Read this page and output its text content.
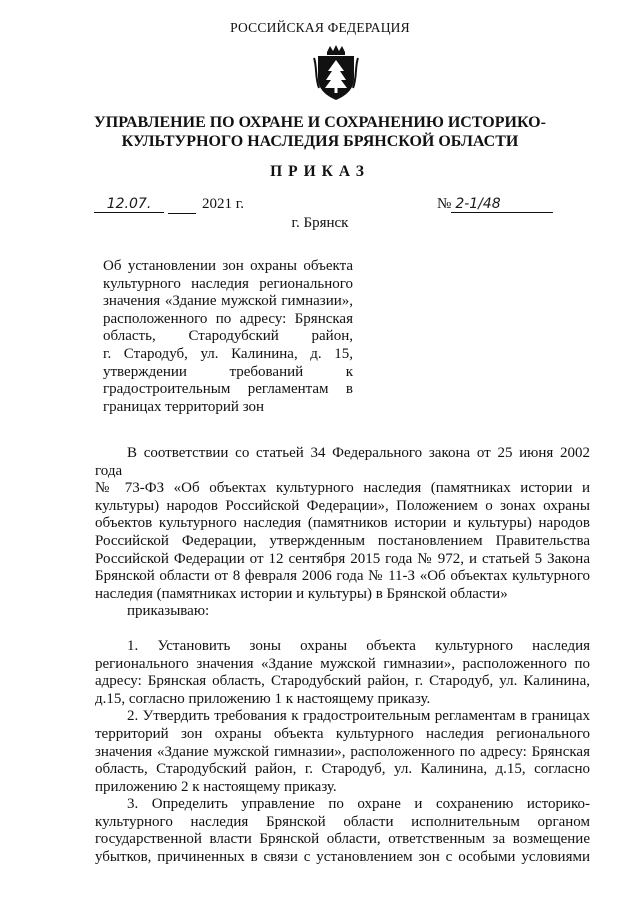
РОССИЙСКАЯ ФЕДЕРАЦИЯ
УПРАВЛЕНИЕ ПО ОХРАНЕ И СОХРАНЕНИЮ ИСТОРИКО-
КУЛЬТУРНОГО НАСЛЕДИЯ БРЯНСКОЙ ОБЛАСТИ
ПРИКАЗ
12.07.	2021 г.	№ 2-1/48
г. Брянск
Об установлении зон охраны объекта
культурного наследия регионального
значения «Здание мужской гимназии»,
расположенного по адресу: Брянская
область, Стародубский район,
г. Стародуб, ул. Калинина, д. 15,
утверждении требований к
градостроительным регламентам в
границах территорий зон
В соответствии со статьей 34 Федерального закона от 25 июня 2002 года
№ 73-ФЗ «Об объектах культурного наследия (памятниках истории и
культуры) народов Российской Федерации», Положением о зонах охраны
объектов культурного наследия (памятников истории и культуры) народов
Российской Федерации, утвержденным постановлением Правительства
Российской Федерации от 12 сентября 2015 года № 972, и статьей 5 Закона
Брянской области от 8 февраля 2006 года № 11-З «Об объектах культурного
наследия (памятниках истории и культуры) в Брянской области»
приказываю:
1. Установить зоны охраны объекта культурного наследия
регионального значения «Здание мужской гимназии», расположенного по
адресу: Брянская область, Стародубский район, г. Стародуб, ул. Калинина,
д.15, согласно приложению 1 к настоящему приказу.
2. Утвердить требования к градостроительным регламентам в границах
территорий зон охраны объекта культурного наследия регионального
значения «Здание мужской гимназии», расположенного по адресу: Брянская
область, Стародубский район, г. Стародуб, ул. Калинина, д.15, согласно
приложению 2 к настоящему приказу.
3. Определить управление по охране и сохранению историко-
культурного наследия Брянской области исполнительным органом
государственной власти Брянской области, ответственным за возмещение
убытков, причиненных в связи с установлением зон с особыми условиями
